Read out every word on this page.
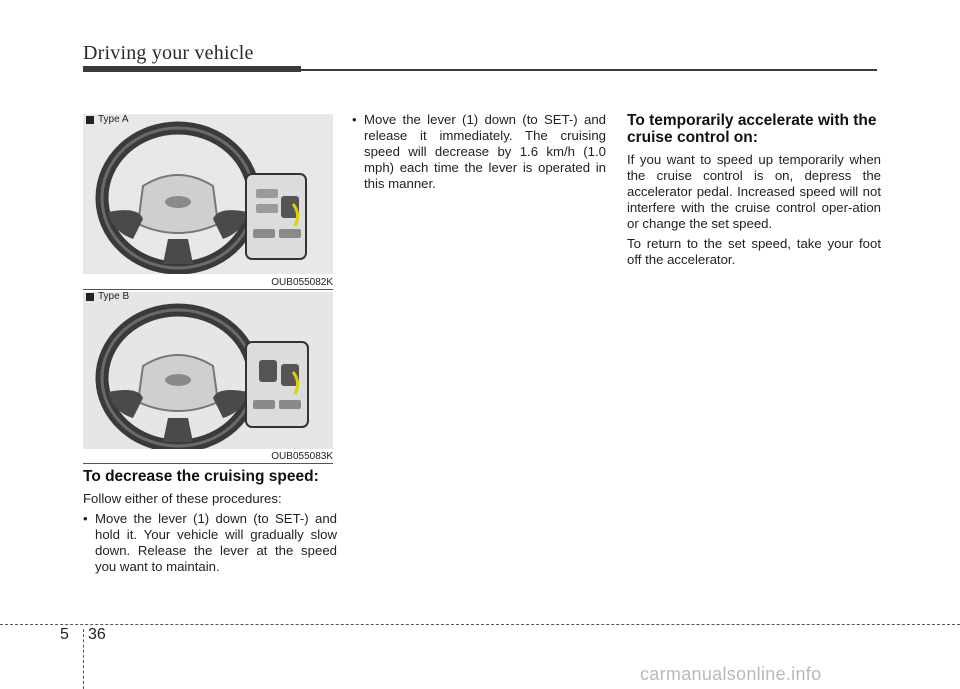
Driving your vehicle
Type A
OUB055082K
Type B
OUB055083K
To decrease the cruising speed:
Follow either of these procedures:
• Move the lever (1) down (to SET-) and hold it. Your vehicle will gradually slow down. Release the lever at the speed you want to maintain.
• Move the lever (1) down (to SET-) and release it immediately. The cruising speed will decrease by 1.6 km/h (1.0 mph) each time the lever is operated in this manner.
To temporarily accelerate with the cruise control on:
If you want to speed up temporarily when the cruise control is on, depress the accelerator pedal. Increased speed will not interfere with the cruise control oper-ation or change the set speed.
To return to the set speed, take your foot off the accelerator.
5 36
carmanualsonline.info
